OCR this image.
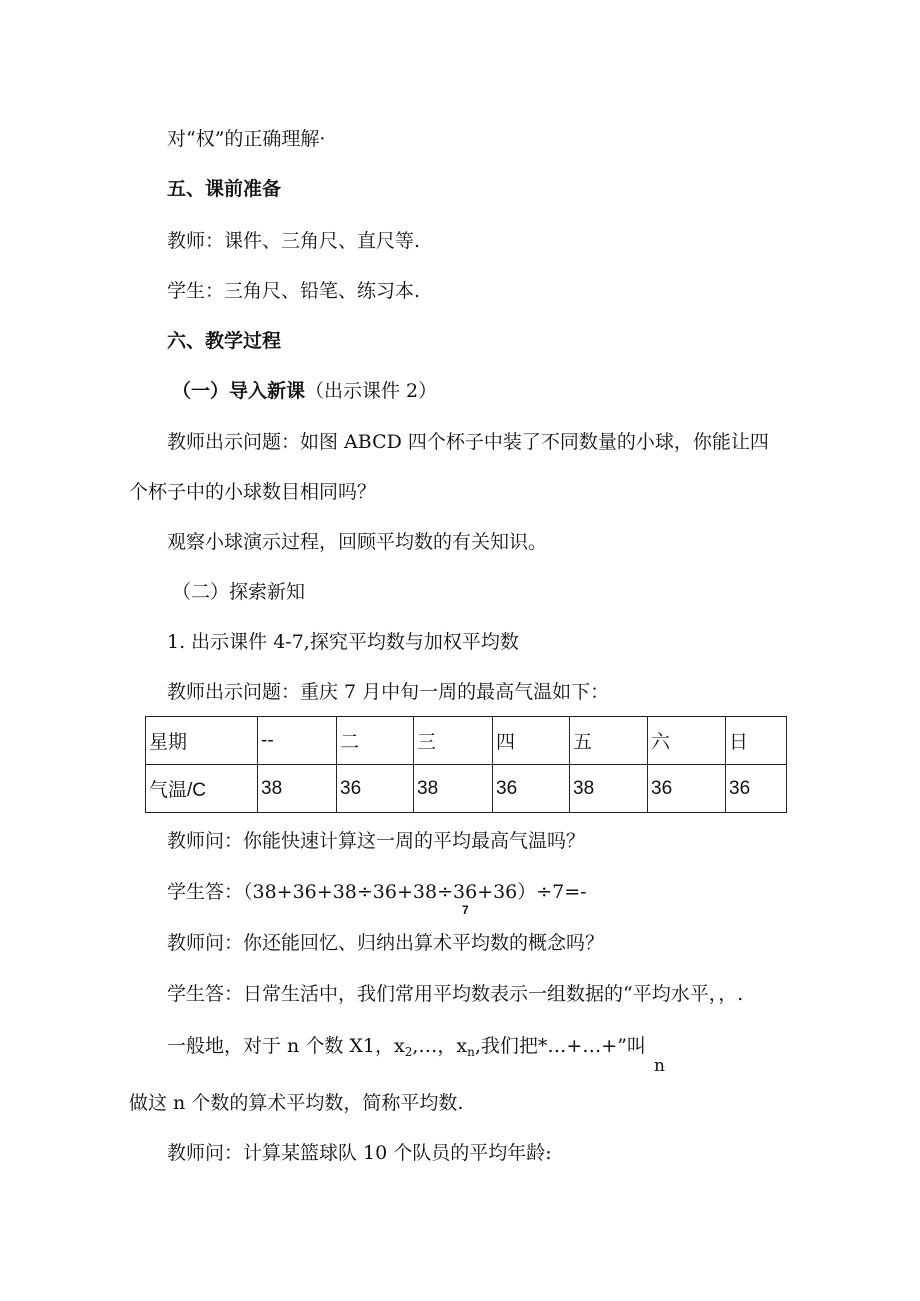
对“权”的正确理解·
五、课前准备
教师：课件、三角尺、直尺等.
学生：三角尺、铅笔、练习本.
六、教学过程
（一）导入新课（出示课件 2）
教师出示问题：如图 ABCD 四个杯子中装了不同数量的小球，你能让四
个杯子中的小球数目相同吗？
观察小球演示过程，回顾平均数的有关知识。
（二）探索新知
1. 出示课件 4-7,探究平均数与加权平均数
教师出示问题：重庆 7 月中旬一周的最高气温如下：
星期	--	二	三	四	五	六	日
气温/C	38	36	38	36	38	36	36
教师问：你能快速计算这一周的平均最高气温吗？
学生答：（38+36+38÷36+38÷36+36）÷7=-
7
教师问：你还能回忆、归纳出算术平均数的概念吗？
学生答：日常生活中，我们常用平均数表示一组数据的“平均水平，，.
一般地，对于 n 个数 X1，$x_2,\dots$，$x_n$,我们把*…+…+”叫
n
做这 n 个数的算术平均数，简称平均数.
教师问：计算某篮球队 10 个队员的平均年龄:
